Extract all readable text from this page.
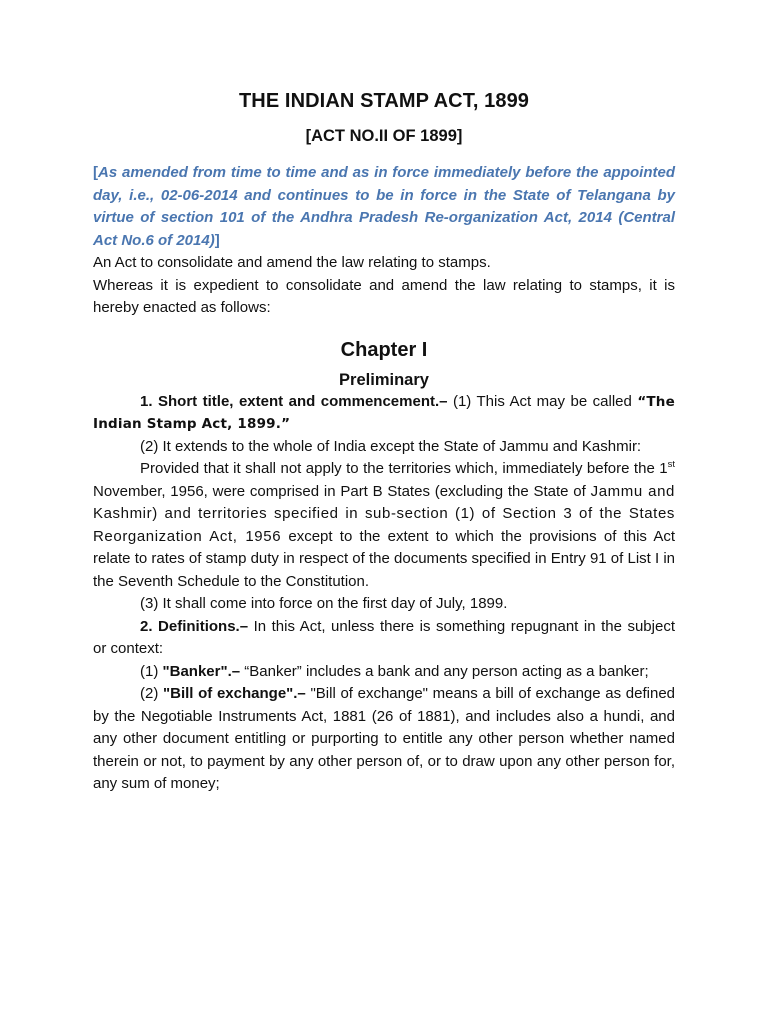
THE INDIAN STAMP ACT, 1899
[ACT NO.II OF 1899]

[As amended from time to time and as in force immediately before the appointed day, i.e., 02-06-2014 and continues to be in force in the State of Telangana by virtue of section 101 of the Andhra Pradesh Re-organization Act, 2014 (Central Act No.6 of 2014)]

An Act to consolidate and amend the law relating to stamps.

Whereas it is expedient to consolidate and amend the law relating to stamps, it is hereby enacted as follows:

Chapter I
Preliminary

1. Short title, extent and commencement.– (1) This Act may be called “The Indian Stamp Act, 1899.”

(2) It extends to the whole of India except the State of Jammu and Kashmir:

Provided that it shall not apply to the territories which, immediately before the 1st November, 1956, were comprised in Part B States (excluding the State of Jammu and Kashmir) and territories specified in sub-section (1) of Section 3 of the States Reorganization Act, 1956 except to the extent to which the provisions of this Act relate to rates of stamp duty in respect of the documents specified in Entry 91 of List I in the Seventh Schedule to the Constitution.

(3) It shall come into force on the first day of July, 1899.

2. Definitions.– In this Act, unless there is something repugnant in the subject or context:

(1) "Banker".– “Banker” includes a bank and any person acting as a banker;

(2) "Bill of exchange".– "Bill of exchange" means a bill of exchange as defined by the Negotiable Instruments Act, 1881 (26 of 1881), and includes also a hundi, and any other document entitling or purporting to entitle any other person whether named therein or not, to payment by any other person of, or to draw upon any other person for, any sum of money;
